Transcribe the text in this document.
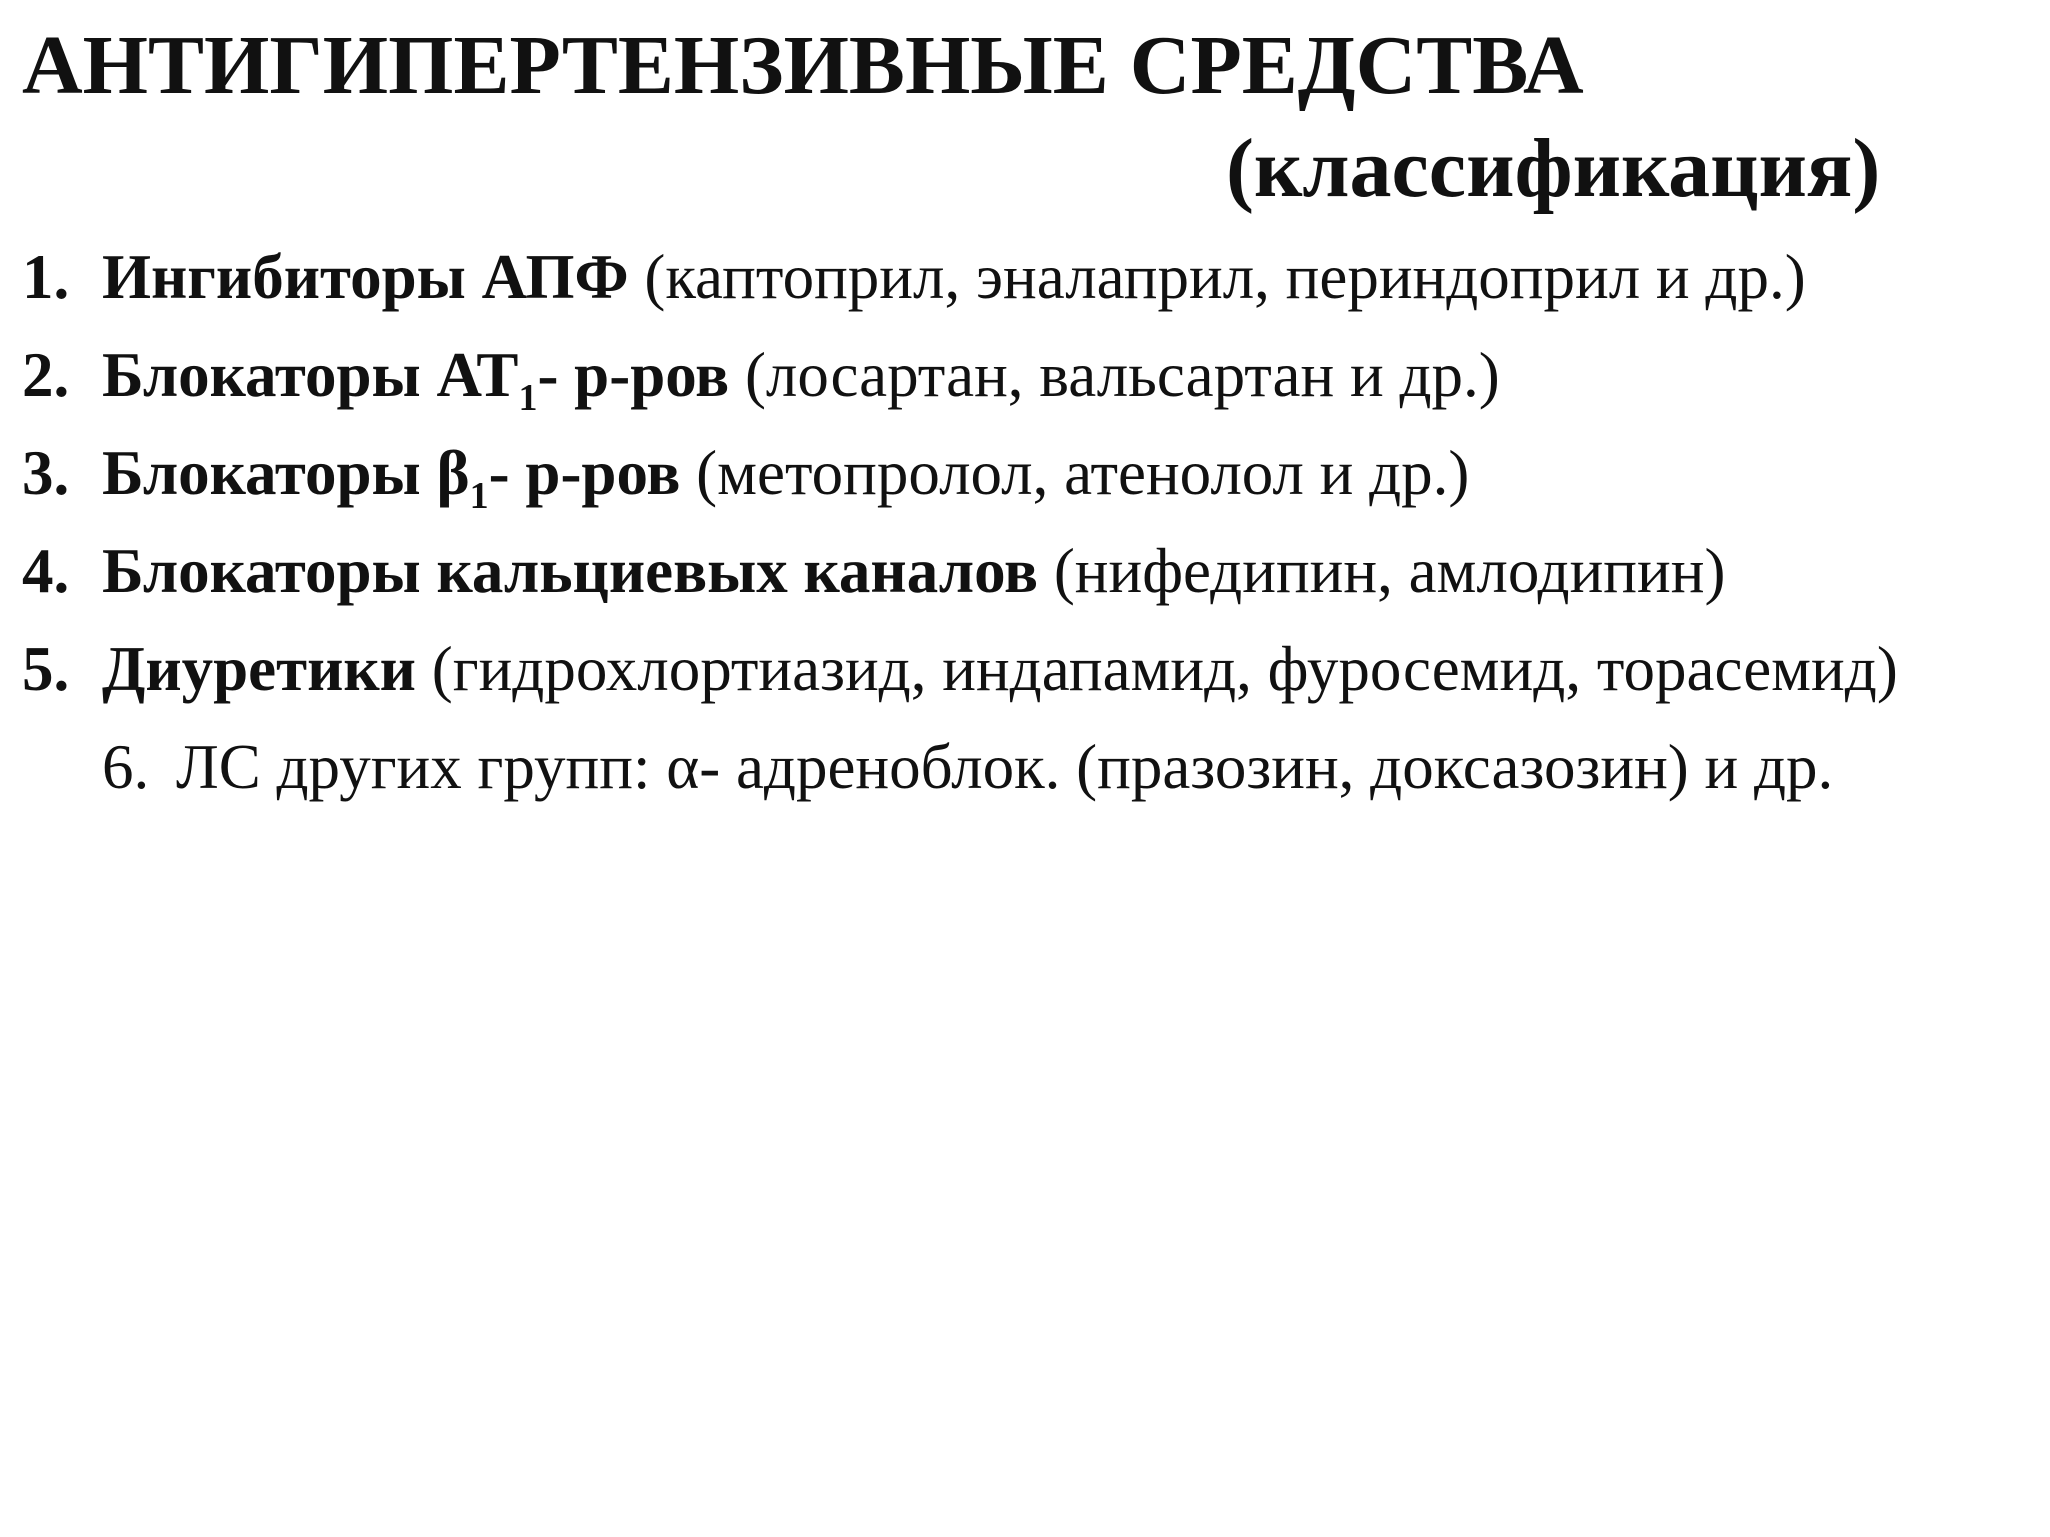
АНТИГИПЕРТЕНЗИВНЫЕ СРЕДСТВА
(классификация)
1. Ингибиторы АПФ (каптоприл, эналаприл, периндоприл и др.)
2. Блокаторы $АТ_1-$ р-ров (лосартан, вальсартан и др.)
3. Блокаторы $\beta_1-$ р-ров (метопролол, атенолол и др.)
4. Блокаторы кальциевых каналов (нифедипин, амлодипин)
5. Диуретики (гидрохлортиазид, индапамид, фуросемид, торасемид)
6. ЛС других групп: α- адреноблок. (празозин, доксазозин) и др.
